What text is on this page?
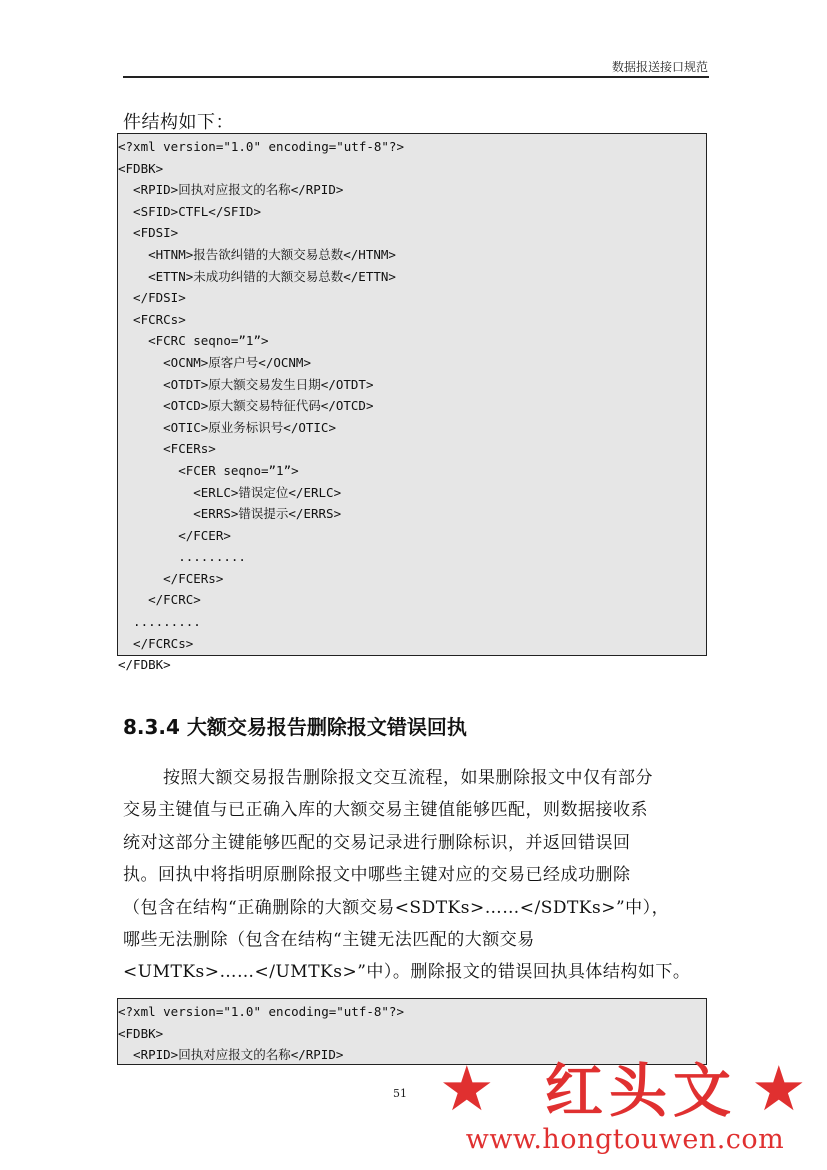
数据报送接口规范
件结构如下：
<?xml version="1.0" encoding="utf-8"?>
<FDBK>
<RPID>回执对应报文的名称</RPID>
<SFID>CTFL</SFID>
<FDSI>
<HTNM>报告欲纠错的大额交易总数</HTNM>
<ETTN>未成功纠错的大额交易总数</ETTN>
</FDSI>
<FCRCs>
<FCRC seqno=”1”>
<OCNM>原客户号</OCNM>
<OTDT>原大额交易发生日期</OTDT>
<OTCD>原大额交易特征代码</OTCD>
<OTIC>原业务标识号</OTIC>
<FCERs>
<FCER seqno=”1”>
<ERLC>错误定位</ERLC>
<ERRS>错误提示</ERRS>
</FCER>
.........
</FCERs>
</FCRC>
.........
</FCRCs>
</FDBK>
8.3.4 大额交易报告删除报文错误回执
按照大额交易报告删除报文交互流程，如果删除报文中仅有部分
交易主键值与已正确入库的大额交易主键值能够匹配，则数据接收系
统对这部分主键能够匹配的交易记录进行删除标识，并返回错误回
执。回执中将指明原删除报文中哪些主键对应的交易已经成功删除
（包含在结构“正确删除的大额交易<SDTKs>……</SDTKs>”中），
哪些无法删除（包含在结构“主键无法匹配的大额交易
<UMTKs>……</UMTKs>”中）。删除报文的错误回执具体结构如下。
<?xml version="1.0" encoding="utf-8"?>
<FDBK>
<RPID>回执对应报文的名称</RPID>
51 ★ 红头文 ★
www.hongtouwen.com
